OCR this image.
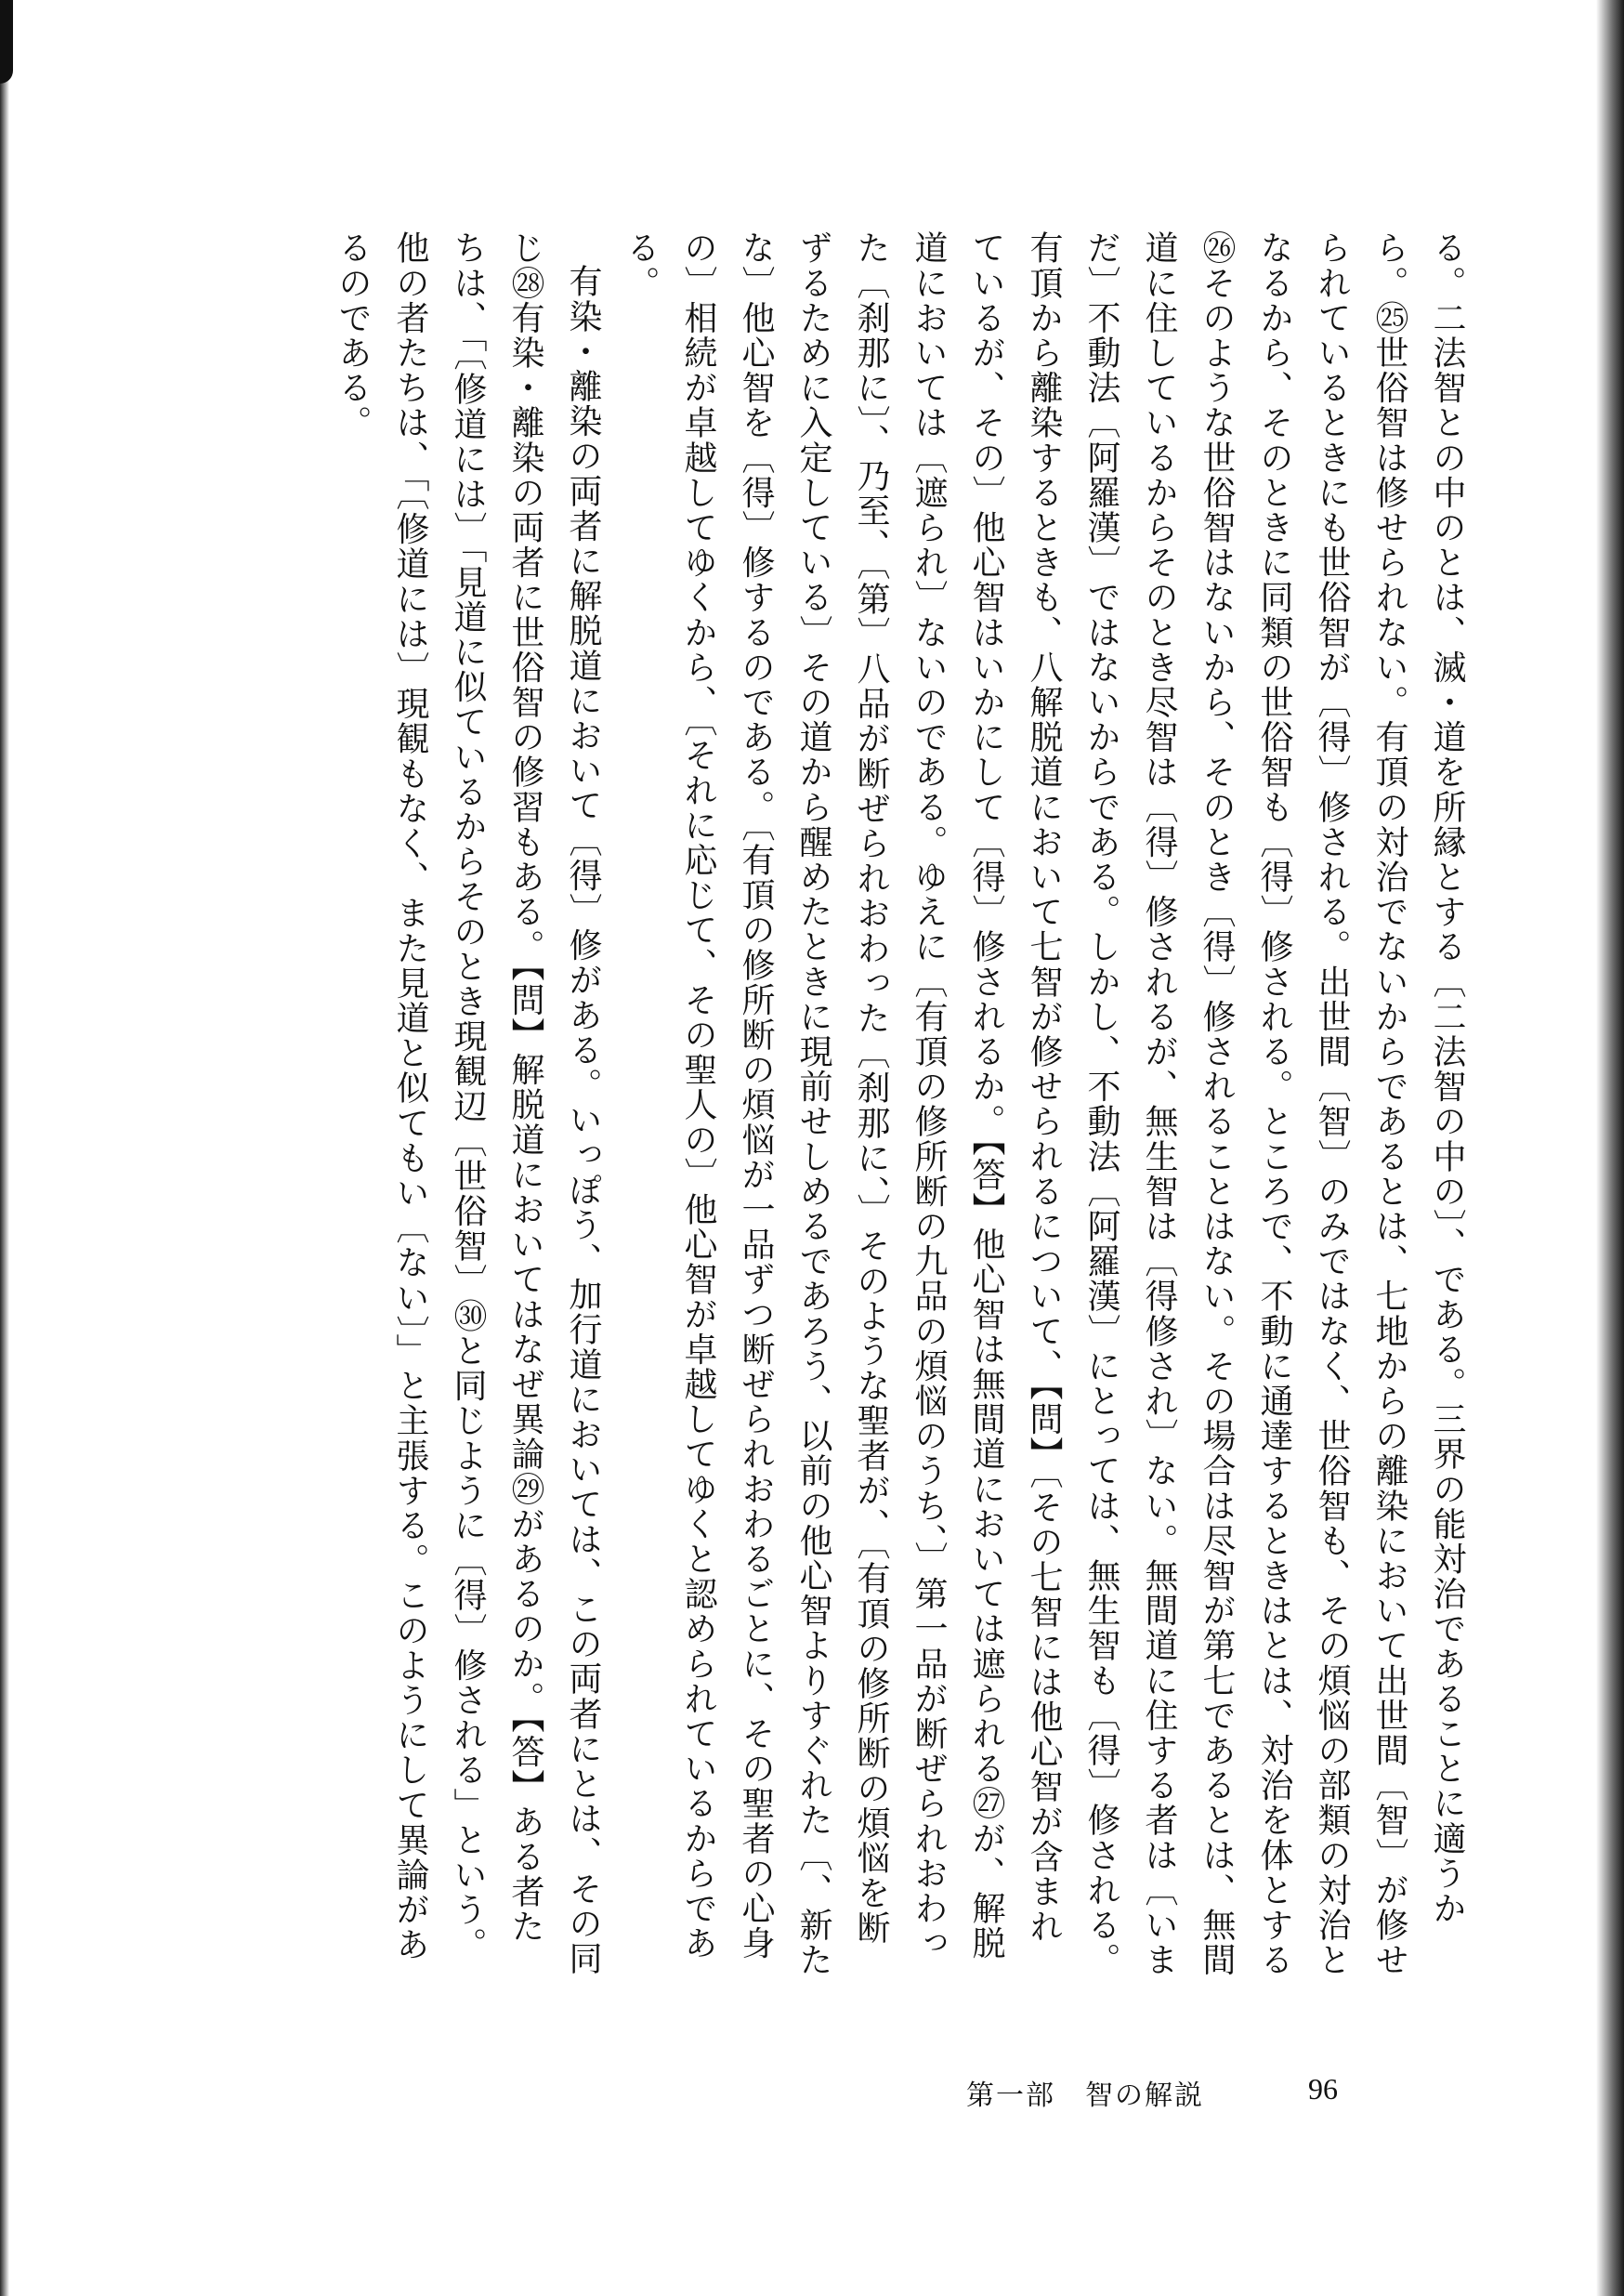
る。二法智との中のとは、滅・道を所縁とする〔二法智の中の〕、である。三界の能対治であることに適うから。㉕世俗智は修せられない。有頂の対治でないからであるとは、七地からの離染において出世間〔智〕が修せられているときにも世俗智が〔得〕修される。出世間〔智〕のみではなく、世俗智も、その煩悩の部類の対治となるから、そのときに同類の世俗智も〔得〕修される。ところで、不動に通達するときはとは、対治を体とする㉖そのような世俗智はないから、そのとき〔得〕修されることはない。その場合は尽智が第七であるとは、無間道に住しているからそのとき尽智は〔得〕修されるが、無生智は〔得修され〕ない。無間道に住する者は〔いまだ〕不動法〔阿羅漢〕ではないからである。しかし、不動法〔阿羅漢〕にとっては、無生智も〔得〕修される。有頂から離染するときも、八解脱道において七智が修せられるについて、【問】〔その七智には他心智が含まれているが、その〕他心智はいかにして〔得〕修されるか。【答】他心智は無間道においては遮られる㉗が、解脱道においては〔遮られ〕ないのである。ゆえに〔有頂の修所断の九品の煩悩のうち、〕第一品が断ぜられおわった〔刹那に〕、乃至、〔第〕八品が断ぜられおわった〔刹那に、〕そのような聖者が、〔有頂の修所断の煩悩を断ずるために入定している〕その道から醒めたときに現前せしめるであろう、以前の他心智よりすぐれた〔、新たな〕他心智を〔得〕修するのである。〔有頂の修所断の煩悩が一品ずつ断ぜられおわるごとに、その聖者の心身の〕相続が卓越してゆくから、〔それに応じて、その聖人の〕他心智が卓越してゆくと認められているからである。

有染・離染の両者に解脱道において〔得〕修がある。いっぽう、加行道においては、この両者にとは、その同じ㉘有染・離染の両者に世俗智の修習もある。【問】解脱道においてはなぜ異論㉙があるのか。【答】ある者たちは、「〔修道には〕「見道に似ているからそのとき現観辺〔世俗智〕㉚と同じように〔得〕修される」という。他の者たちは、「〔修道には〕現観もなく、また見道と似てもい〔ない〕」と主張する。このようにして異論があるのである。

第一部　智の解説	96
